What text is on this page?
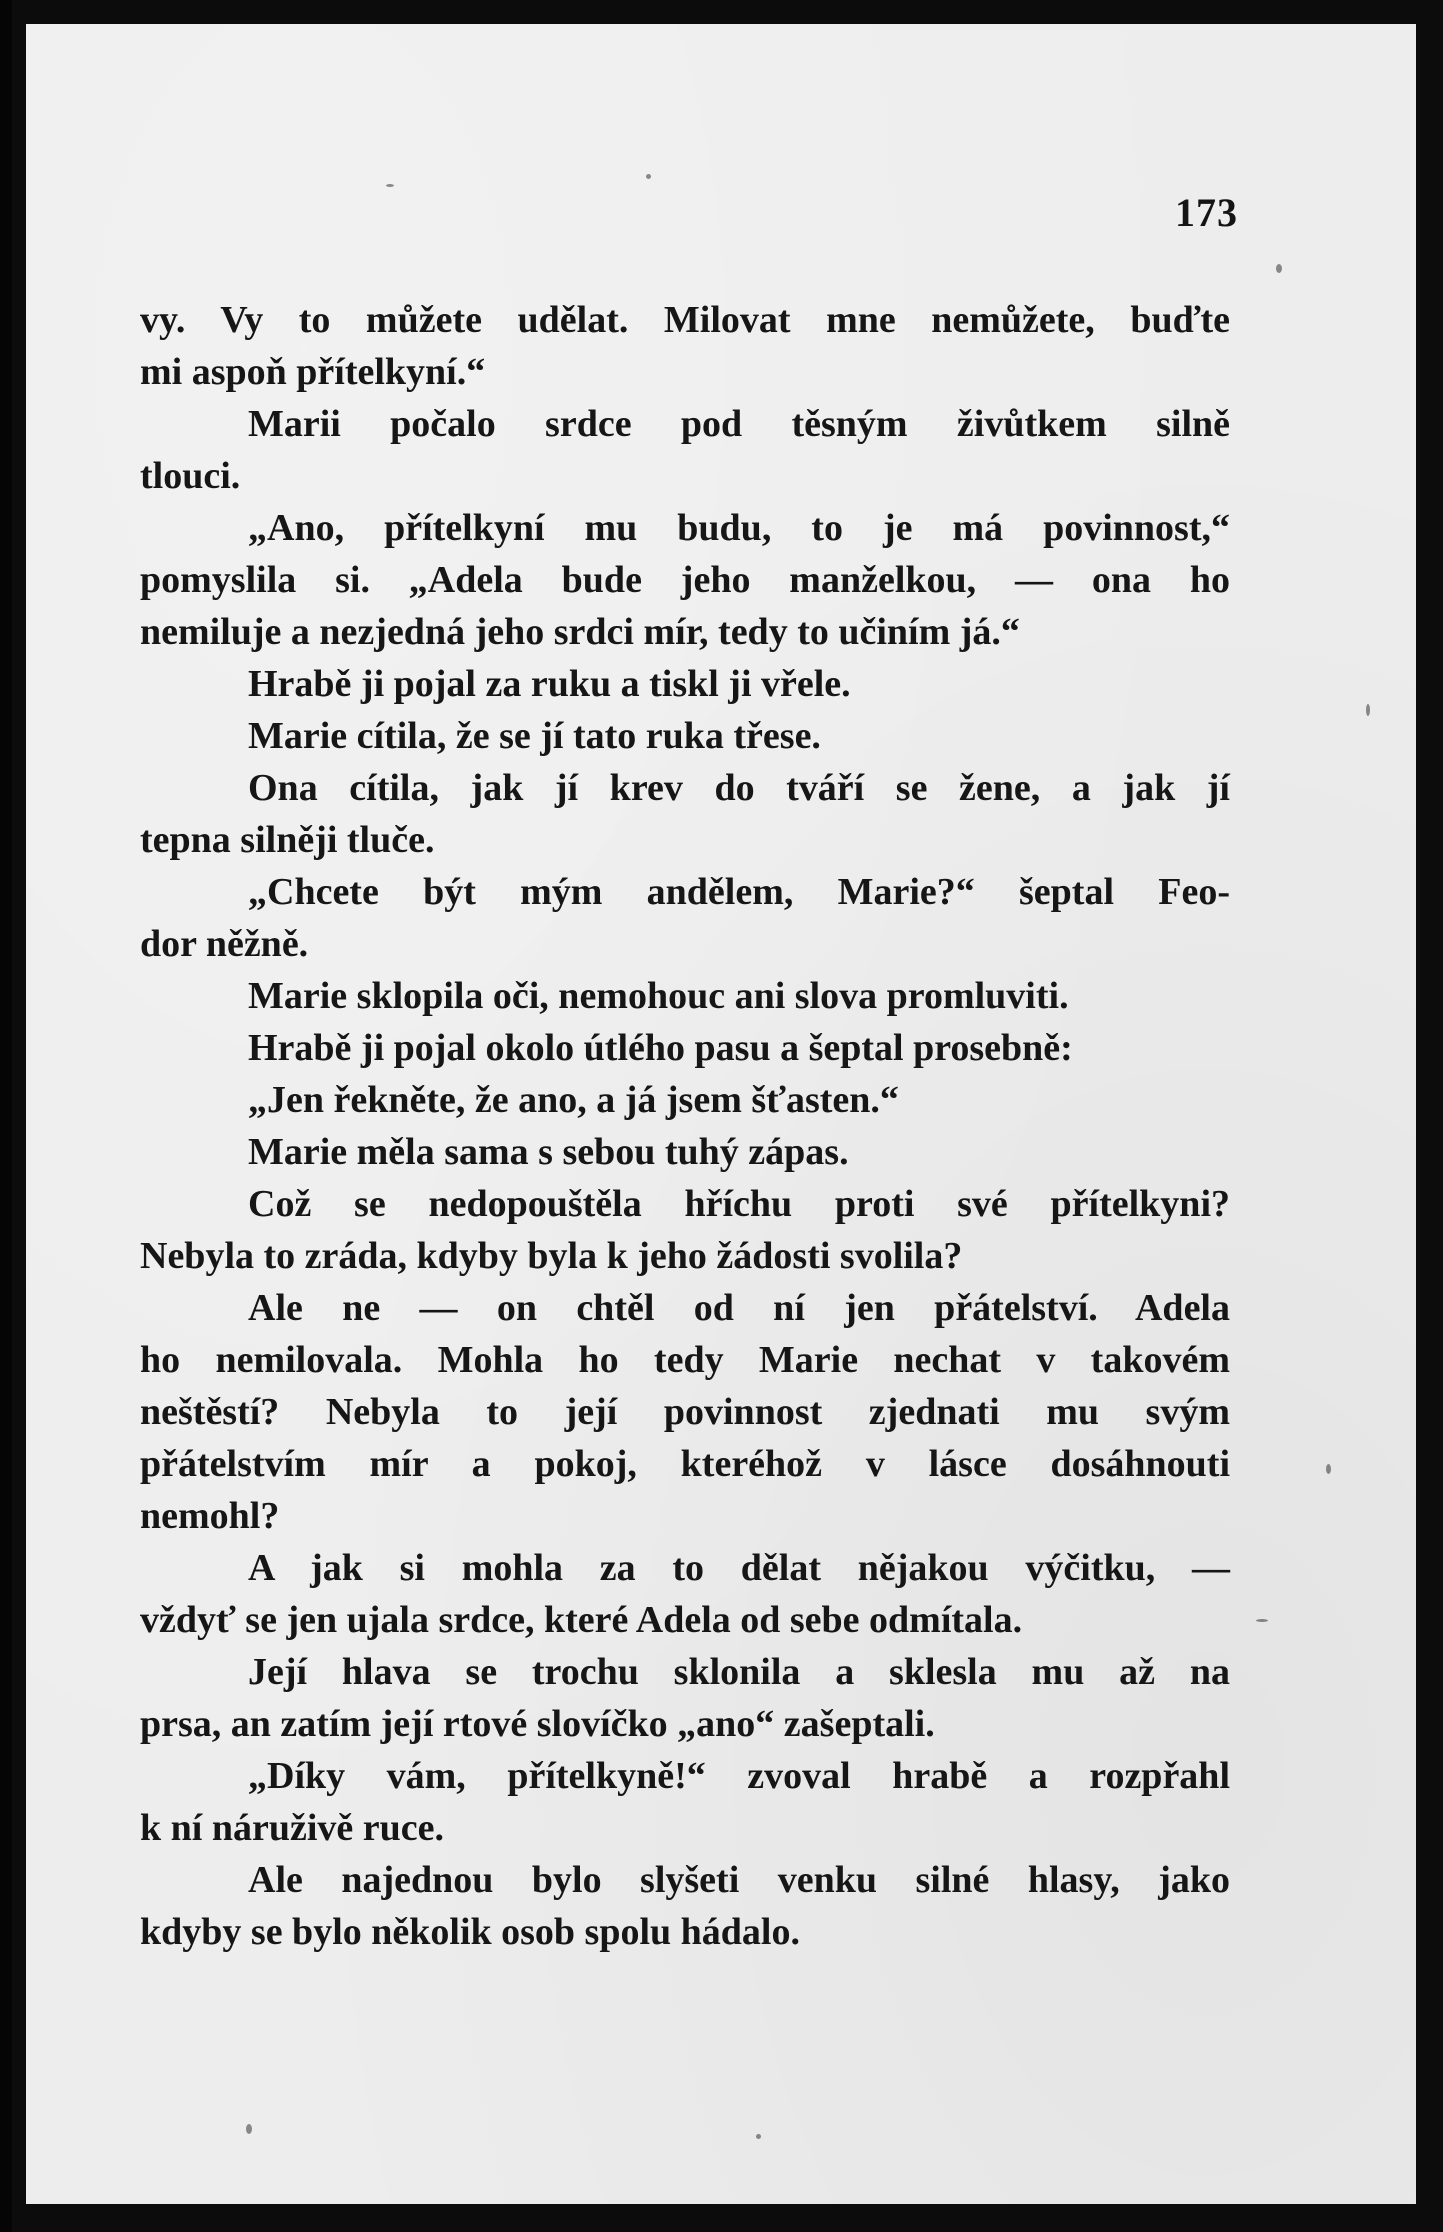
173
vy. Vy to můžete udělat. Milovat mne nemůžete, buďte
mi aspoň přítelkyní.“
Marii počalo srdce pod těsným živůtkem silně
tlouci.
„Ano, přítelkyní mu budu, to je má povinnost,“
pomyslila si. „Adela bude jeho manželkou, — ona ho
nemiluje a nezjedná jeho srdci mír, tedy to učiním já.“
Hrabě ji pojal za ruku a tiskl ji vřele.
Marie cítila, že se jí tato ruka třese.
Ona cítila, jak jí krev do tváří se žene, a jak jí
tepna silněji tluče.
„Chcete být mým andělem, Marie?“ šeptal Feo-
dor něžně.
Marie sklopila oči, nemohouc ani slova promluviti.
Hrabě ji pojal okolo útlého pasu a šeptal prosebně:
„Jen řekněte, že ano, a já jsem šťasten.“
Marie měla sama s sebou tuhý zápas.
Což se nedopouštěla hříchu proti své přítelkyni?
Nebyla to zráda, kdyby byla k jeho žádosti svolila?
Ale ne — on chtěl od ní jen přátelství. Adela
ho nemilovala. Mohla ho tedy Marie nechat v takovém
neštěstí? Nebyla to její povinnost zjednati mu svým
přátelstvím mír a pokoj, kteréhož v lásce dosáhnouti
nemohl?
A jak si mohla za to dělat nějakou výčitku, —
vždyť se jen ujala srdce, které Adela od sebe odmítala.
Její hlava se trochu sklonila a sklesla mu až na
prsa, an zatím její rtové slovíčko „ano“ zašeptali.
„Díky vám, přítelkyně!“ zvoval hrabě a rozpřahl
k ní náruživě ruce.
Ale najednou bylo slyšeti venku silné hlasy, jako
kdyby se bylo několik osob spolu hádalo.
